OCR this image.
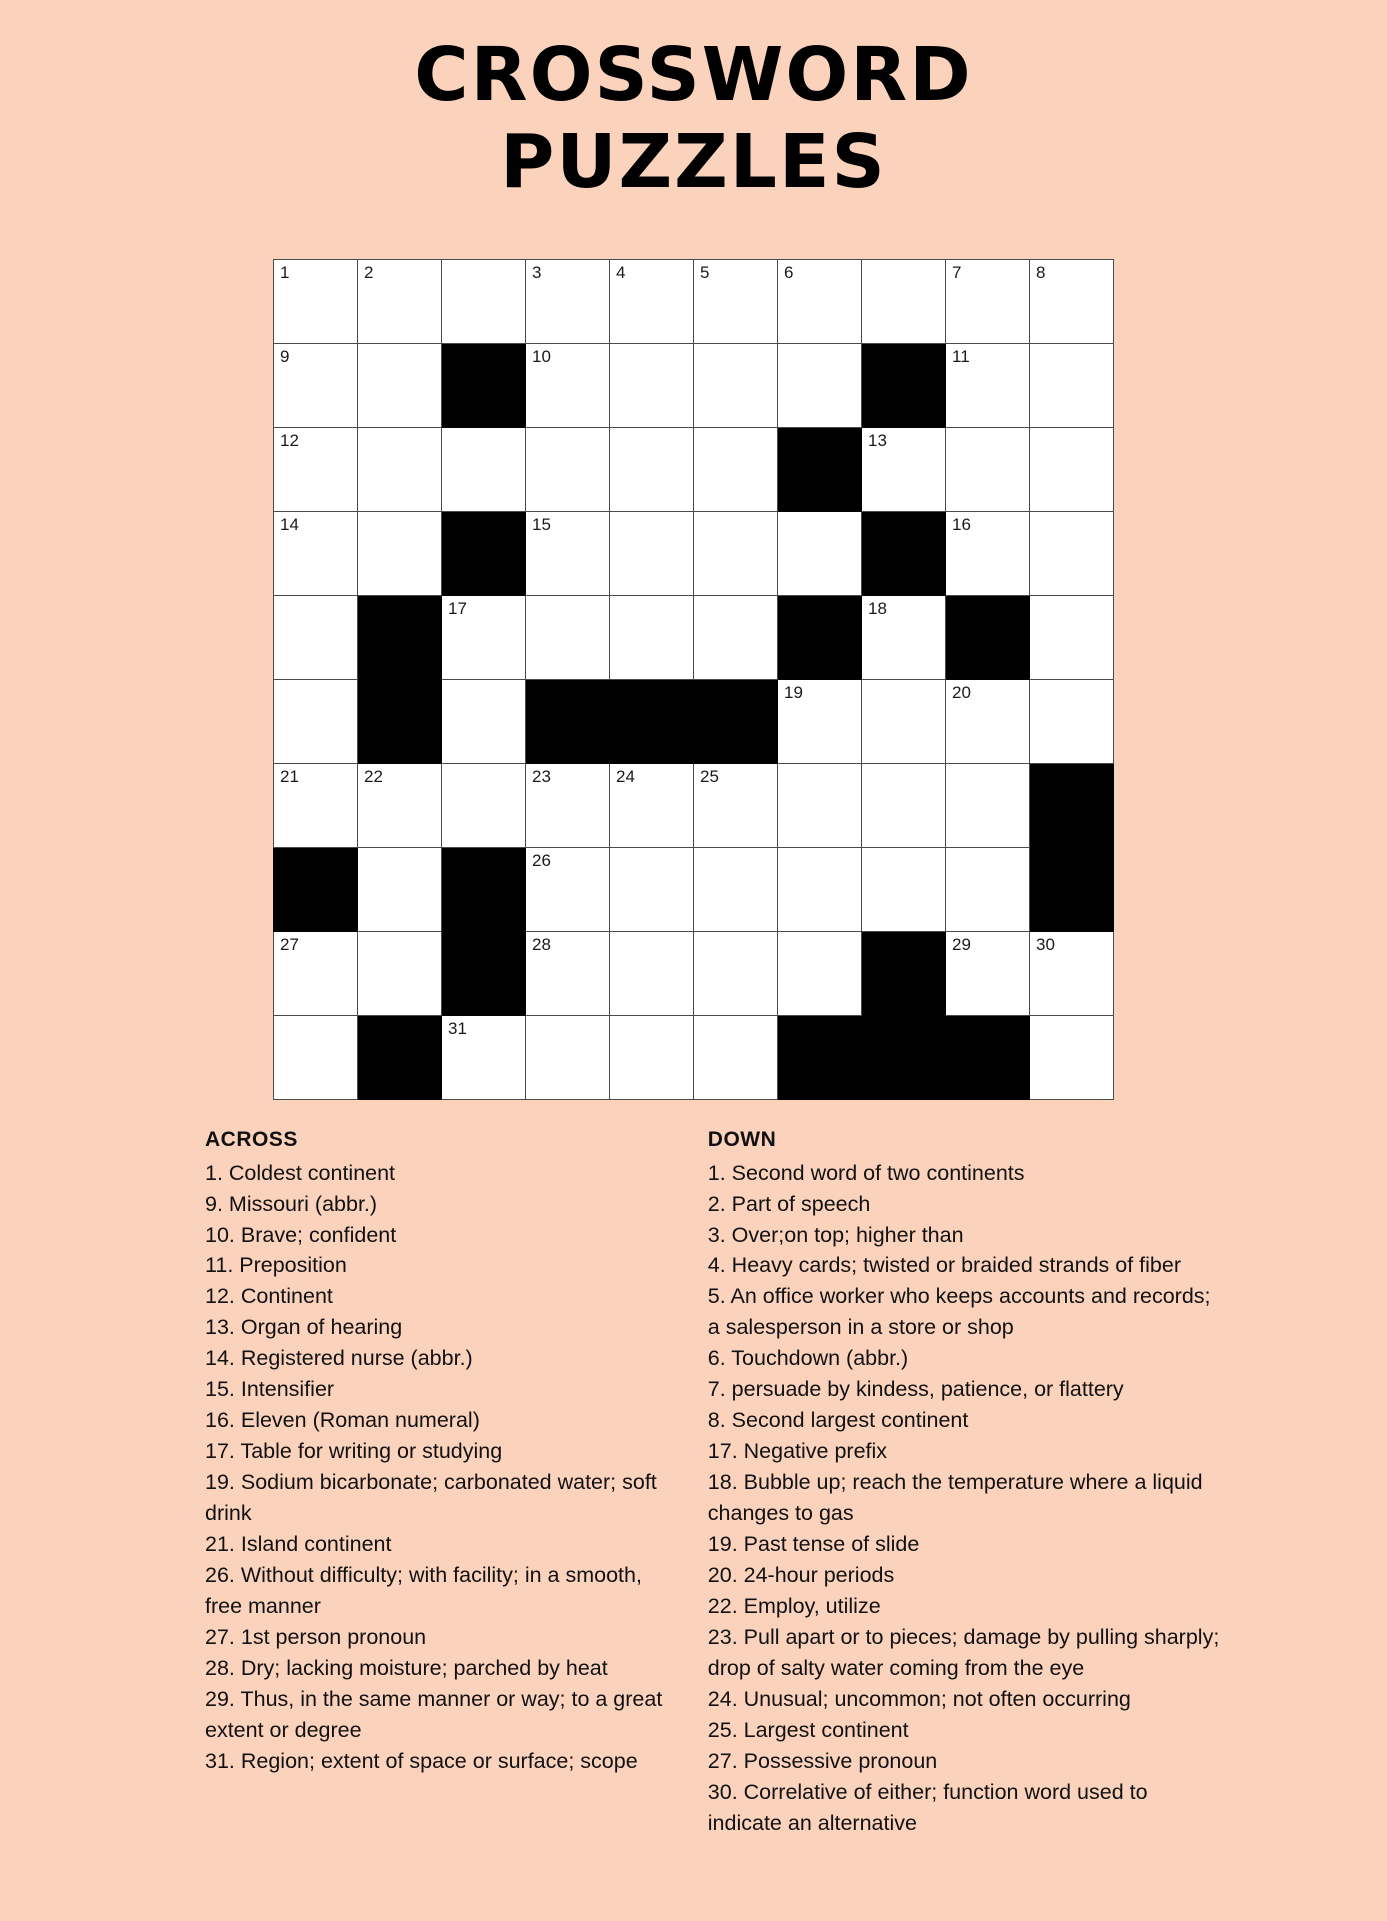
CROSSWORD
PUZZLES
1	2		3	4	5	6		7	8

9			10					11	

12							13		

14			15					16	

		17					18		

						19		20	

21	22		23	24	25				

			26						

27			28					29	30

		31							

ACROSS
1. Coldest continent
9. Missouri (abbr.)
10. Brave; confident
11. Preposition
12. Continent
13. Organ of hearing
14. Registered nurse (abbr.)
15. Intensifier
16. Eleven (Roman numeral)
17. Table for writing or studying
19. Sodium bicarbonate; carbonated water; soft drink
21. Island continent
26. Without difficulty; with facility; in a smooth, free manner
27. 1st person pronoun
28. Dry; lacking moisture; parched by heat
29. Thus, in the same manner or way; to a great extent or degree
31. Region; extent of space or surface; scope
DOWN
1. Second word of two continents
2. Part of speech
3. Over;on top; higher than
4. Heavy cards; twisted or braided strands of fiber
5. An office worker who keeps accounts and records; a salesperson in a store or shop
6. Touchdown (abbr.)
7. persuade by kindess, patience, or flattery
8. Second largest continent
17. Negative prefix
18. Bubble up; reach the temperature where a liquid changes to gas
19. Past tense of slide
20. 24-hour periods
22. Employ, utilize
23. Pull apart or to pieces; damage by pulling sharply; drop of salty water coming from the eye
24. Unusual; uncommon; not often occurring
25. Largest continent
27. Possessive pronoun
30. Correlative of either; function word used to indicate an alternative
